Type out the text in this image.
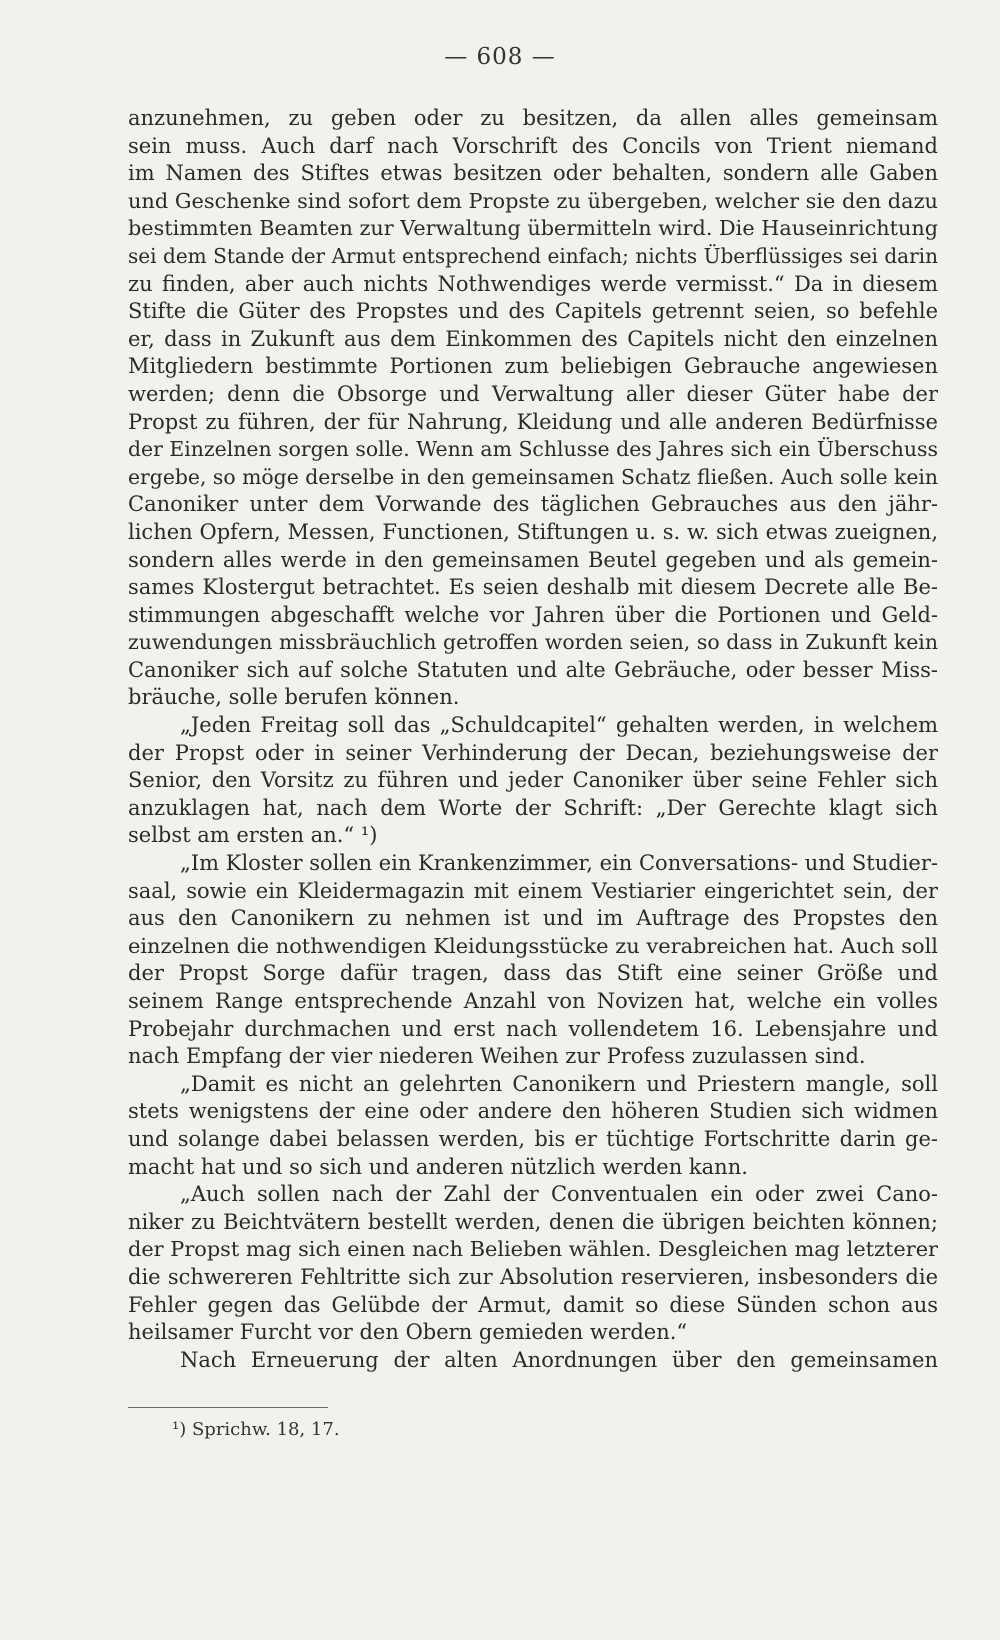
— 608 —
anzunehmen, zu geben oder zu besitzen, da allen alles gemeinsam
sein muss. Auch darf nach Vorschrift des Concils von Trient niemand
im Namen des Stiftes etwas besitzen oder behalten, sondern alle Gaben
und Geschenke sind sofort dem Propste zu übergeben, welcher sie den dazu
bestimmten Beamten zur Verwaltung übermitteln wird. Die Hauseinrichtung
sei dem Stande der Armut entsprechend einfach; nichts Überflüssiges sei darin
zu finden, aber auch nichts Nothwendiges werde vermisst.“ Da in diesem
Stifte die Güter des Propstes und des Capitels getrennt seien, so befehle
er, dass in Zukunft aus dem Einkommen des Capitels nicht den einzelnen
Mitgliedern bestimmte Portionen zum beliebigen Gebrauche angewiesen
werden; denn die Obsorge und Verwaltung aller dieser Güter habe der
Propst zu führen, der für Nahrung, Kleidung und alle anderen Bedürfnisse
der Einzelnen sorgen solle. Wenn am Schlusse des Jahres sich ein Überschuss
ergebe, so möge derselbe in den gemeinsamen Schatz fließen. Auch solle kein
Canoniker unter dem Vorwande des täglichen Gebrauches aus den jähr-
lichen Opfern, Messen, Functionen, Stiftungen u. s. w. sich etwas zueignen,
sondern alles werde in den gemeinsamen Beutel gegeben und als gemein-
sames Klostergut betrachtet. Es seien deshalb mit diesem Decrete alle Be-
stimmungen abgeschafft welche vor Jahren über die Portionen und Geld-
zuwendungen missbräuchlich getroffen worden seien, so dass in Zukunft kein
Canoniker sich auf solche Statuten und alte Gebräuche, oder besser Miss-
bräuche, solle berufen können.
„Jeden Freitag soll das „Schuldcapitel“ gehalten werden, in welchem
der Propst oder in seiner Verhinderung der Decan, beziehungsweise der
Senior, den Vorsitz zu führen und jeder Canoniker über seine Fehler sich
anzuklagen hat, nach dem Worte der Schrift: „Der Gerechte klagt sich
selbst am ersten an.“ ¹)
„Im Kloster sollen ein Krankenzimmer, ein Conversations- und Studier-
saal, sowie ein Kleidermagazin mit einem Vestiarier eingerichtet sein, der
aus den Canonikern zu nehmen ist und im Auftrage des Propstes den
einzelnen die nothwendigen Kleidungsstücke zu verabreichen hat. Auch soll
der Propst Sorge dafür tragen, dass das Stift eine seiner Größe und
seinem Range entsprechende Anzahl von Novizen hat, welche ein volles
Probejahr durchmachen und erst nach vollendetem 16. Lebensjahre und
nach Empfang der vier niederen Weihen zur Profess zuzulassen sind.
„Damit es nicht an gelehrten Canonikern und Priestern mangle, soll
stets wenigstens der eine oder andere den höheren Studien sich widmen
und solange dabei belassen werden, bis er tüchtige Fortschritte darin ge-
macht hat und so sich und anderen nützlich werden kann.
„Auch sollen nach der Zahl der Conventualen ein oder zwei Cano-
niker zu Beichtvätern bestellt werden, denen die übrigen beichten können;
der Propst mag sich einen nach Belieben wählen. Desgleichen mag letzterer
die schwereren Fehltritte sich zur Absolution reservieren, insbesonders die
Fehler gegen das Gelübde der Armut, damit so diese Sünden schon aus
heilsamer Furcht vor den Obern gemieden werden.“
Nach Erneuerung der alten Anordnungen über den gemeinsamen
¹) Sprichw. 18, 17.
